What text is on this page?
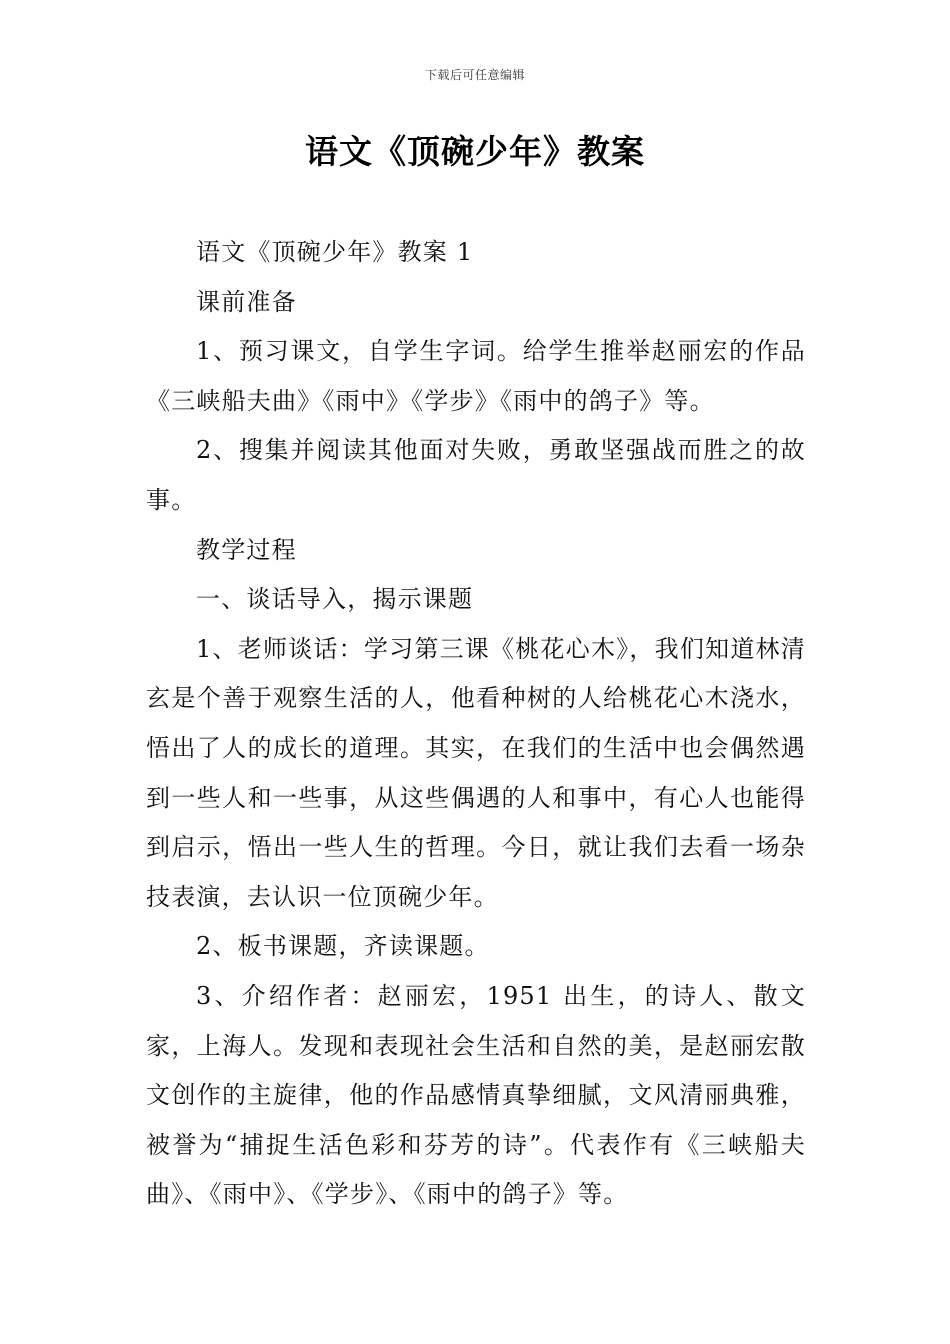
下载后可任意编辑
语文《顶碗少年》教案

语文《顶碗少年》教案 1

课前准备

1、预习课文，自学生字词。给学生推举赵丽宏的作品《三峡船夫曲》《雨中》《学步》《雨中的鸽子》等。

2、搜集并阅读其他面对失败，勇敢坚强战而胜之的故事。

教学过程

一、谈话导入，揭示课题

1、老师谈话：学习第三课《桃花心木》，我们知道林清玄是个善于观察生活的人，他看种树的人给桃花心木浇水，悟出了人的成长的道理。其实，在我们的生活中也会偶然遇到一些人和一些事，从这些偶遇的人和事中，有心人也能得到启示，悟出一些人生的哲理。今日，就让我们去看一场杂技表演，去认识一位顶碗少年。

2、板书课题，齐读课题。

3、介绍作者：赵丽宏，1951 出生，的诗人、散文家，上海人。发现和表现社会生活和自然的美，是赵丽宏散文创作的主旋律，他的作品感情真挚细腻，文风清丽典雅，被誉为“捕捉生活色彩和芬芳的诗”。代表作有《三峡船夫曲》、《雨中》、《学步》、《雨中的鸽子》等。
